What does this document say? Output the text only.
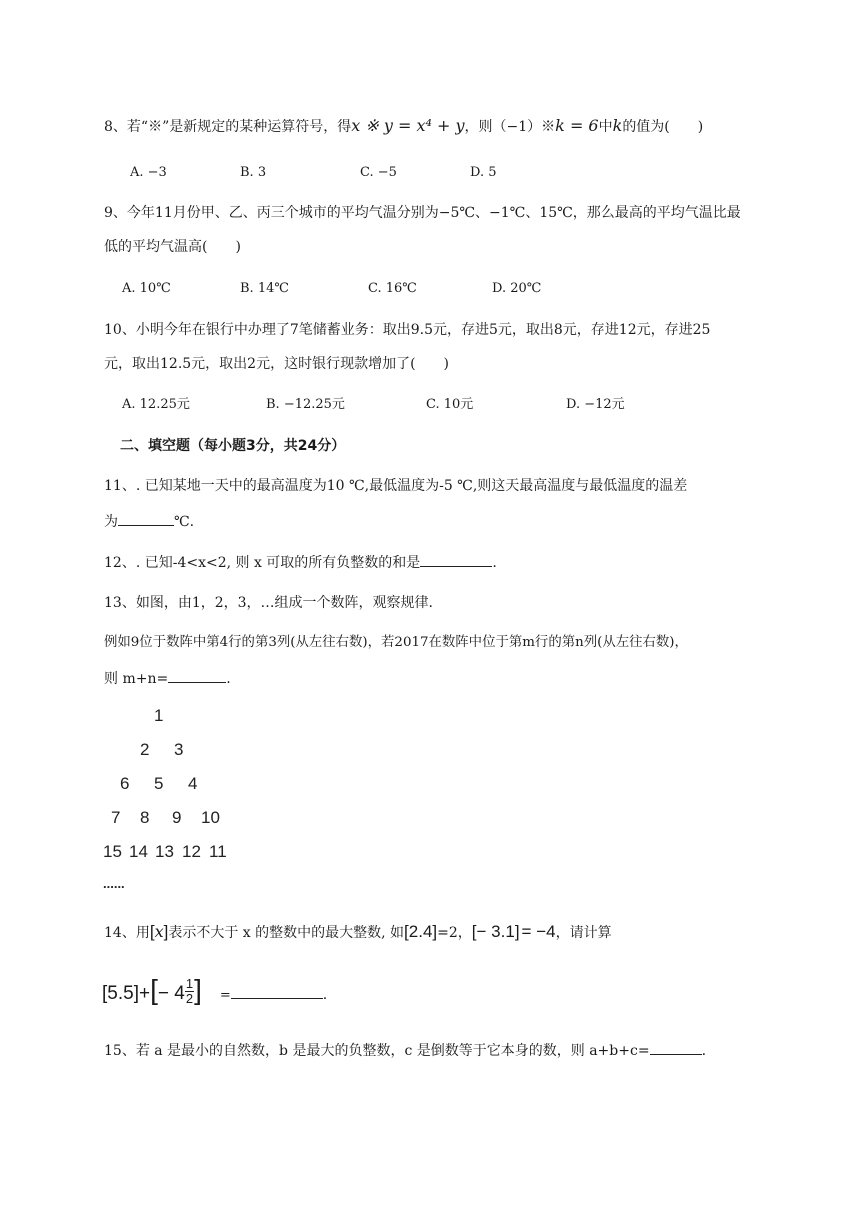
8、若“※”是新规定的某种运算符号，得x ※ y = x⁴ + y，则（−1）※k = 6中k的值为(　　)
A. −3	B. 3	C. −5	D. 5
9、今年11月份甲、乙、丙三个城市的平均气温分别为−5℃、−1℃、15℃，那么最高的平均气温比最
低的平均气温高(　　)
A. 10℃	B. 14℃	C. 16℃	D. 20℃
10、小明今年在银行中办理了7笔储蓄业务：取出9.5元，存进5元，取出8元，存进12元，存进25
元，取出12.5元，取出2元，这时银行现款增加了(　　)
A. 12.25元	B. −12.25元	C. 10元	D. −12元
二、填空题（每小题3分，共24分）
11、. 已知某地一天中的最高温度为10 ℃,最低温度为-5 ℃,则这天最高温度与最低温度的温差
为	℃.
12、. 已知-4<x<2, 则 x 可取的所有负整数的和是	.
13、如图，由1，2，3，…组成一个数阵，观察规律.
例如9位于数阵中第4行的第3列(从左往右数)，若2017在数阵中位于第m行的第n列(从左往右数)，
则 m+n=	.
1
2 3
6 5 4
7 8 9 10
15 14 13 12 11
......
14、用[x]表示不大于 x 的整数中的最大整数, 如[2.4]=2，[− 3.1] = −4，请计算
$[5.5]+[- 4 \frac{1}{2}$ ] =	.
15、若 a 是最小的自然数，b 是最大的负整数，c 是倒数等于它本身的数，则 a+b+c=	.
